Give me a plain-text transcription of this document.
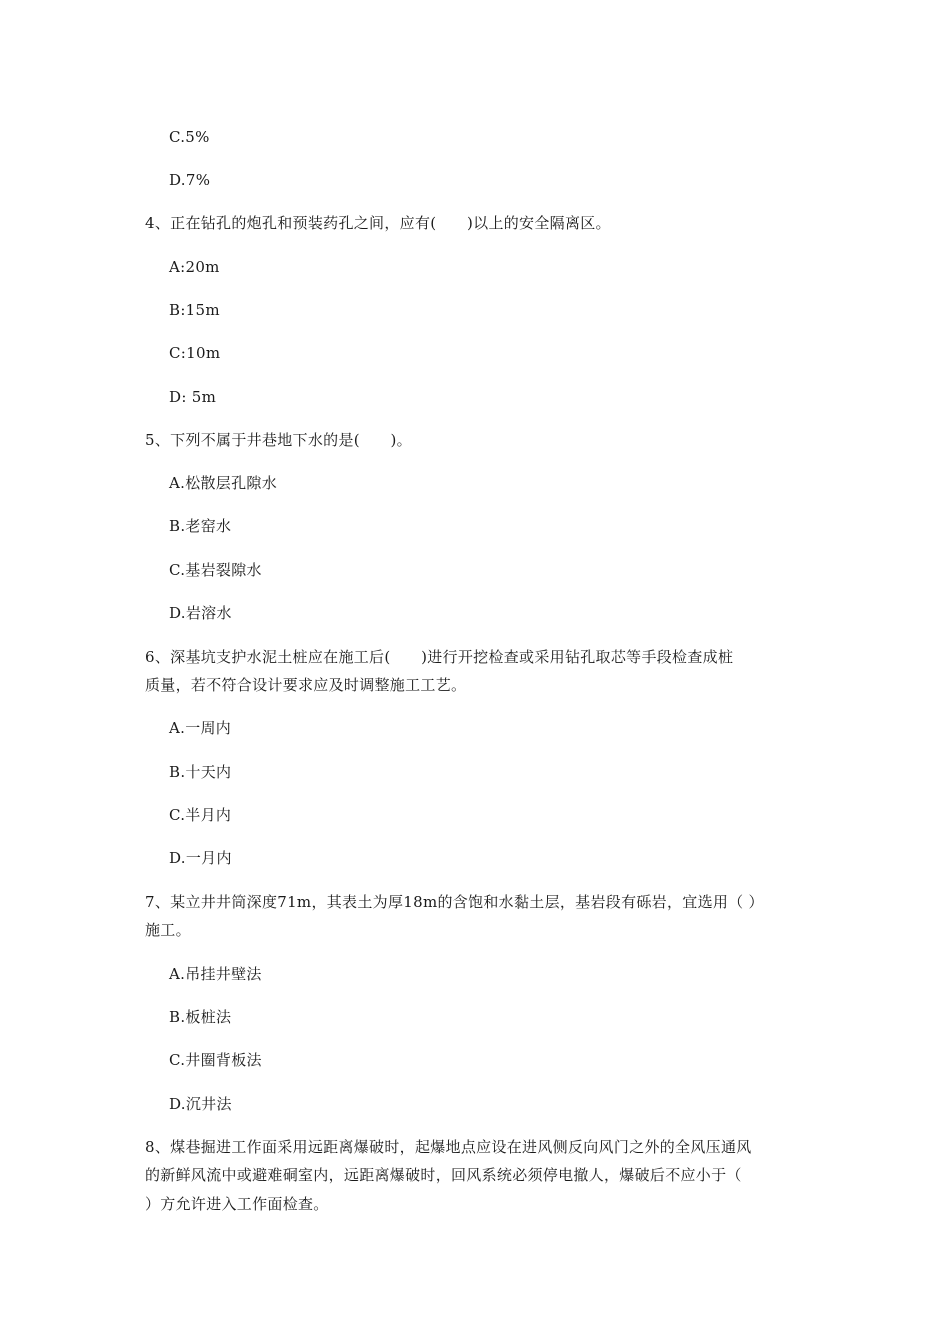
C.5%
D.7%
4、正在钻孔的炮孔和预装药孔之间，应有(　　)以上的安全隔离区。
A:20m
B:15m
C:10m
D: 5m
5、下列不属于井巷地下水的是(　　)。
A.松散层孔隙水
B.老窑水
C.基岩裂隙水
D.岩溶水
6、深基坑支护水泥土桩应在施工后(　　)进行开挖检查或采用钻孔取芯等手段检查成桩
质量，若不符合设计要求应及时调整施工工艺。
A.一周内
B.十天内
C.半月内
D.一月内
7、某立井井筒深度71m，其表土为厚18m的含饱和水黏土层，基岩段有砾岩，宜选用（ ）
施工。
A.吊挂井壁法
B.板桩法
C.井圈背板法
D.沉井法
8、煤巷掘进工作面采用远距离爆破时，起爆地点应设在进风侧反向风门之外的全风压通风
的新鲜风流中或避难硐室内，远距离爆破时，回风系统必须停电撤人，爆破后不应小于（
）方允许进入工作面检查。
